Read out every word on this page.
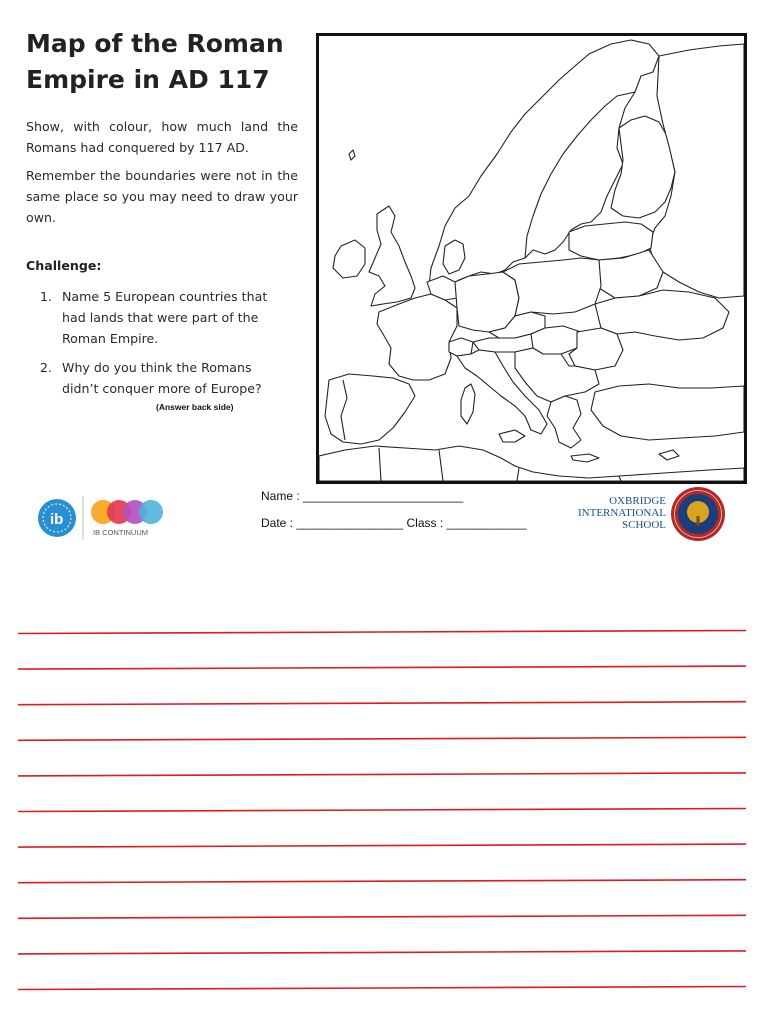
Map of the Roman Empire in AD 117

Show, with colour, how much land the Romans had conquered by 117 AD.

Remember the boundaries were not in the same place so you may need to draw your own.

Challenge:

1. Name 5 European countries that had lands that were part of the Roman Empire.
2. Why do you think the Romans didn’t conquer more of Europe?

(Answer back side)

ib
IB CONTINUUM
Name : ________________________
Date : ________________ Class : ____________
OXBRIDGE
INTERNATIONAL
SCHOOL
